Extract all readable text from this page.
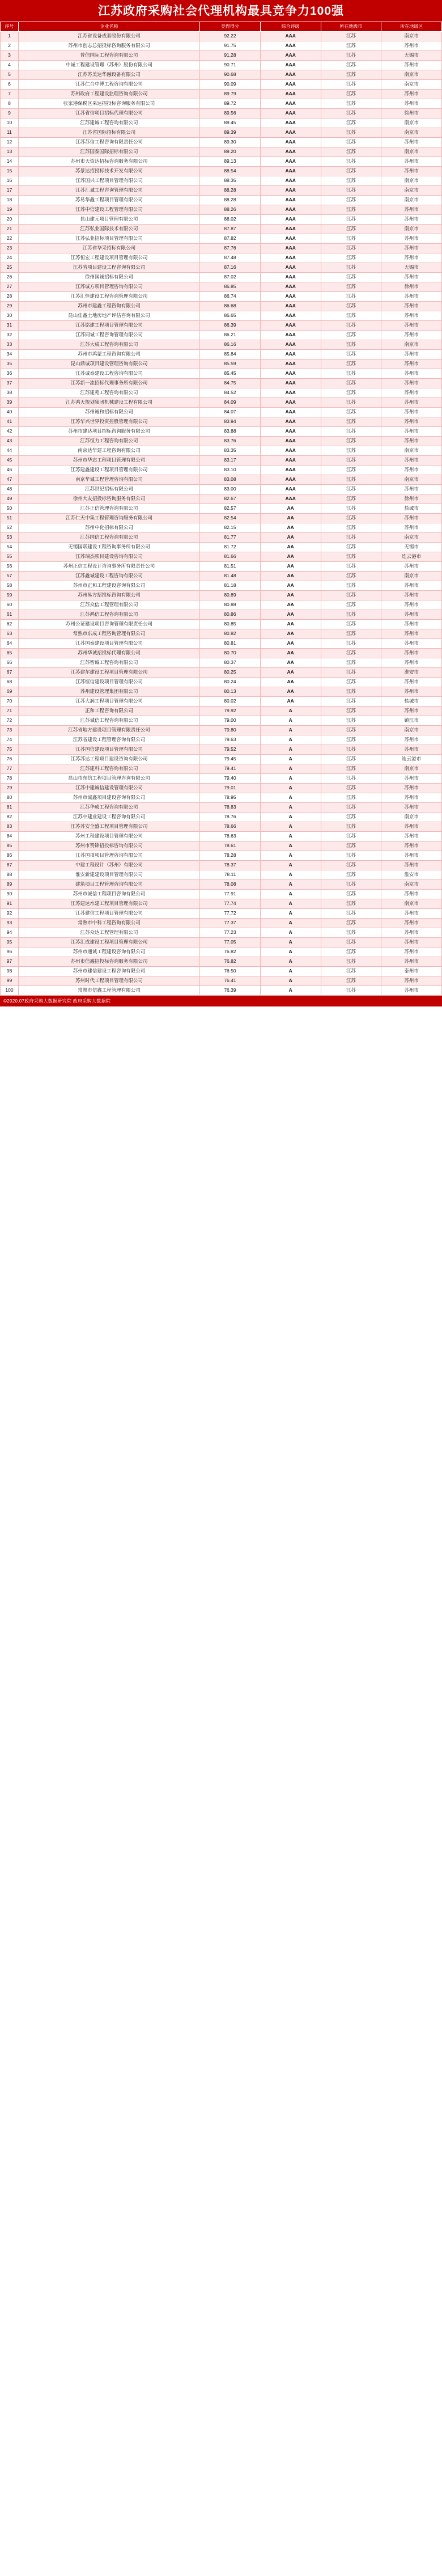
江苏政府采购社会代理机构最具竞争力100强
序号	企业名称	竞得得分	综合评级	所在地级市	所在地级区
1	江苏省设备成套股份有限公司	92.22	AAA	江苏	南京市
2	苏州市创志总招投标咨询服务有限公司	91.75	AAA	江苏	苏州市
3	普信国际工程咨询有限公司	91.28	AAA	江苏	无锡市
4	中诚工程建设管理（苏州）股份有限公司	90.71	AAA	江苏	苏州市
5	江苏苏美达华融设备有限公司	90.68	AAA	江苏	南京市
6	江苏仁合中博工程咨询有限公司	90.09	AAA	江苏	南京市
7	苏州政府工程建设监理咨询有限公司	89.79	AAA	江苏	苏州市
8	张家港保税区采达招投标咨询服务有限公司	89.72	AAA	江苏	苏州市
9	江苏省信项目招标代理有限公司	89.56	AAA	江苏	徐州市
10	江苏建诚工程咨询有限公司	89.45	AAA	江苏	南京市
11	江苏省国际招标有限公司	89.39	AAA	江苏	南京市
12	江苏苏信工程咨询有限责任公司	89.30	AAA	江苏	苏州市
13	江苏国泰国际招标有限公司	89.20	AAA	江苏	南京市
14	苏州市天资达招标咨询服务有限公司	89.13	AAA	江苏	苏州市
15	苏景达招投标技术开发有限公司	88.54	AAA	江苏	苏州市
16	江苏国兴工程项目管理有限公司	88.35	AAA	江苏	南京市
17	江苏汇诚工程咨询管理有限公司	88.28	AAA	江苏	南京市
18	苏易华鑫工程项目管理有限公司	88.28	AAA	江苏	南京市
19	江苏中信建设工程管理有限公司	88.26	AAA	江苏	苏州市
20	昆山建元项目管理有限公司	88.02	AAA	江苏	苏州市
21	江苏弘业国际技术有限公司	87.87	AAA	江苏	南京市
22	江苏弘业招标项目管理有限公司	87.82	AAA	江苏	苏州市
23	江苏省华采招标有限公司	87.76	AAA	江苏	苏州市
24	江苏恒宏工程建设项目管理有限公司	87.48	AAA	江苏	苏州市
25	江苏省项目建设工程咨询有限公司	87.16	AAA	江苏	无锡市
26	徐州国诚招标有限公司	87.02	AAA	江苏	苏州市
27	江苏诚方项目管理咨询有限公司	86.85	AAA	江苏	徐州市
28	江苏汇恒建设工程咨询管理有限公司	86.74	AAA	江苏	苏州市
29	苏州市建鑫工程咨询有限公司	86.68	AAA	江苏	苏州市
30	昆山佳鑫土地房地产评估咨询有限公司	86.65	AAA	江苏	苏州市
31	江苏铭建工程项目管理有限公司	86.39	AAA	江苏	苏州市
32	江苏同诚工程咨询管理有限公司	86.21	AAA	江苏	苏州市
33	江苏大成工程咨询有限公司	86.16	AAA	江苏	南京市
34	苏州市鸿蒙工程咨询有限公司	85.84	AAA	江苏	苏州市
35	昆山鼎诚项目建设管理咨询有限公司	85.59	AAA	江苏	苏州市
36	江苏诚泰建设工程咨询有限公司	85.45	AAA	江苏	苏州市
37	江苏新一流招标代理事务所有限公司	84.75	AAA	江苏	苏州市
38	江苏建苑工程咨询有限公司	84.52	AAA	江苏	苏州市
39	江苏鸿天规划集团机械建设工程有限公司	84.09	AAA	江苏	苏州市
40	苏州诚和招标有限公司	84.07	AAA	江苏	苏州市
41	江苏华兴世界投资控股管理有限公司	83.94	AAA	江苏	苏州市
42	苏州市建达项目招标咨询服务有限公司	83.88	AAA	江苏	苏州市
43	江苏恒力工程咨询有限公司	83.76	AAA	江苏	苏州市
44	南京达华建工程咨询有限公司	83.35	AAA	江苏	南京市
45	苏州市华志工程项目管理有限公司	83.17	AAA	江苏	苏州市
46	江苏建鑫建设工程项目管理有限公司	83.10	AAA	江苏	苏州市
47	南京华诚工程管理咨询有限公司	83.08	AAA	江苏	南京市
48	江苏世纪招标有限公司	83.00	AAA	江苏	苏州市
49	徐州大友招投标咨询服务有限公司	82.67	AAA	江苏	徐州市
50	江苏正信管理咨询有限公司	82.57	AA	江苏	盐城市
51	江苏仁天中集工程管理咨询服务有限公司	82.54	AA	江苏	苏州市
52	苏州中化招标有限公司	82.15	AA	江苏	苏州市
53	江苏国信工程咨询有限公司	81.77	AA	江苏	南京市
54	无锡国联建设工程咨询事务所有限公司	81.72	AA	江苏	无锡市
55	江苏瑞杰项目建设咨询有限公司	81.66	AA	江苏	连云港市
56	苏州正信工程设计咨询事务所有限责任公司	81.51	AA	江苏	苏州市
57	江苏鑫诚建设工程咨询有限公司	81.48	AA	江苏	南京市
58	苏州市正和工程建设咨询有限公司	81.18	AA	江苏	苏州市
59	苏州易方招投标咨询有限公司	80.89	AA	江苏	苏州市
60	江苏众信工程管理有限公司	80.88	AA	江苏	苏州市
61	江苏鸿信工程咨询有限公司	80.86	AA	江苏	苏州市
62	苏州公证建设项目咨询管理有限责任公司	80.85	AA	江苏	苏州市
63	常熟市东成工程咨询管理有限公司	80.82	AA	江苏	苏州市
64	江苏国泰建设项目管理有限公司	80.81	AA	江苏	苏州市
65	苏州华诚招投标代理有限公司	80.70	AA	江苏	苏州市
66	江苏智诚工程咨询有限公司	80.37	AA	江苏	苏州市
67	江苏建尔建设工程项目管理有限公司	80.25	AA	江苏	淮安市
68	江苏恒信建设项目管理有限公司	80.24	AA	江苏	苏州市
69	苏州建设管理集团有限公司	80.13	AA	江苏	苏州市
70	江苏大润工程项目管理有限公司	80.02	AA	江苏	盐城市
71	正和工程咨询有限公司	79.92	A	江苏	苏州市
72	江苏诚信工程咨询有限公司	79.00	A	江苏	镇江市
73	江苏省地方建设项目管理有限责任公司	79.80	A	江苏	南京市
74	江苏省建设工程管理咨询有限公司	79.63	A	江苏	苏州市
75	江苏国信建设项目管理有限公司	79.52	A	江苏	苏州市
76	江苏苏达工程项目建设咨询有限公司	79.45	A	江苏	连云港市
77	江苏建科工程咨询有限公司	79.41	A	江苏	南京市
78	昆山市东信工程项目管理咨询有限公司	79.40	A	江苏	苏州市
79	江苏中建诚信建设管理有限公司	79.01	A	江苏	苏州市
80	苏州市诚鑫项目建设咨询有限公司	78.95	A	江苏	苏州市
81	江苏华成工程咨询有限公司	78.83	A	江苏	苏州市
82	江苏中建业建设工程咨询有限公司	78.76	A	江苏	南京市
83	江苏苏安全盛工程项目管理有限公司	78.66	A	江苏	苏州市
84	苏州工程建设项目管理有限公司	78.63	A	江苏	苏州市
85	苏州市赞锦招投标咨询有限公司	78.61	A	江苏	苏州市
86	江苏国项项目管理咨询有限公司	78.28	A	江苏	苏州市
87	中建工程设计（苏州）有限公司	78.37	A	江苏	苏州市
88	淮安新建建设项目管理有限公司	78.11	A	江苏	淮安市
89	建筑项目工程管理咨询有限公司	78.08	A	江苏	南京市
90	苏州市诚信工程项目咨询有限公司	77.91	A	江苏	苏州市
91	江苏建达水建工程项目管理有限公司	77.74	A	江苏	南京市
92	江苏建信工程项目管理有限公司	77.72	A	江苏	苏州市
93	常熟市中科工程咨询有限公司	77.37	A	江苏	苏州市
94	江苏众达工程管理有限公司	77.23	A	江苏	苏州市
95	江苏汇成建设工程项目管理有限公司	77.05	A	江苏	苏州市
96	苏州市通诚工程建设咨询有限公司	76.82	A	江苏	苏州市
97	苏州市信鑫招投标咨询服务有限公司	76.82	A	江苏	苏州市
98	苏州市建信建设工程咨询有限公司	76.50	A	江苏	泰州市
99	苏州时代工程项目管理有限公司	76.41	A	江苏	苏州市
100	常熟市信鑫工程管理有限公司	76.39	A	江苏	苏州市
©2020.07政府采购大数据研究院 政府采购大数据院
